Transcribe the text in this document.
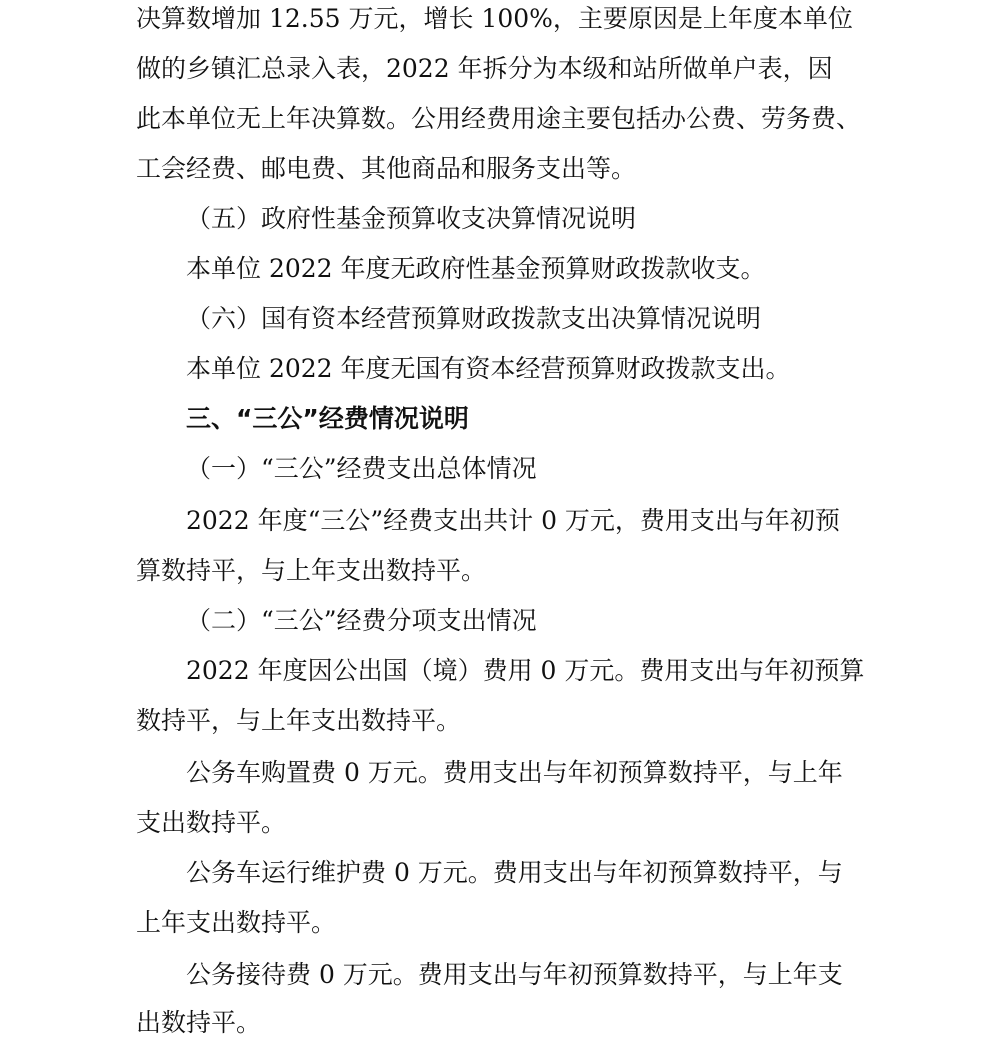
决算数增加 12.55 万元，增长 100%，主要原因是上年度本单位
做的乡镇汇总录入表，2022 年拆分为本级和站所做单户表，因
此本单位无上年决算数。公用经费用途主要包括办公费、劳务费、
工会经费、邮电费、其他商品和服务支出等。
（五）政府性基金预算收支决算情况说明
本单位 2022 年度无政府性基金预算财政拨款收支。
（六）国有资本经营预算财政拨款支出决算情况说明
本单位 2022 年度无国有资本经营预算财政拨款支出。
三、“三公”经费情况说明
（一）“三公”经费支出总体情况
2022 年度“三公”经费支出共计 0 万元，费用支出与年初预
算数持平，与上年支出数持平。
（二）“三公”经费分项支出情况
2022 年度因公出国（境）费用 0 万元。费用支出与年初预算
数持平，与上年支出数持平。
公务车购置费 0 万元。费用支出与年初预算数持平，与上年
支出数持平。
公务车运行维护费 0 万元。费用支出与年初预算数持平，与
上年支出数持平。
公务接待费 0 万元。费用支出与年初预算数持平，与上年支
出数持平。
